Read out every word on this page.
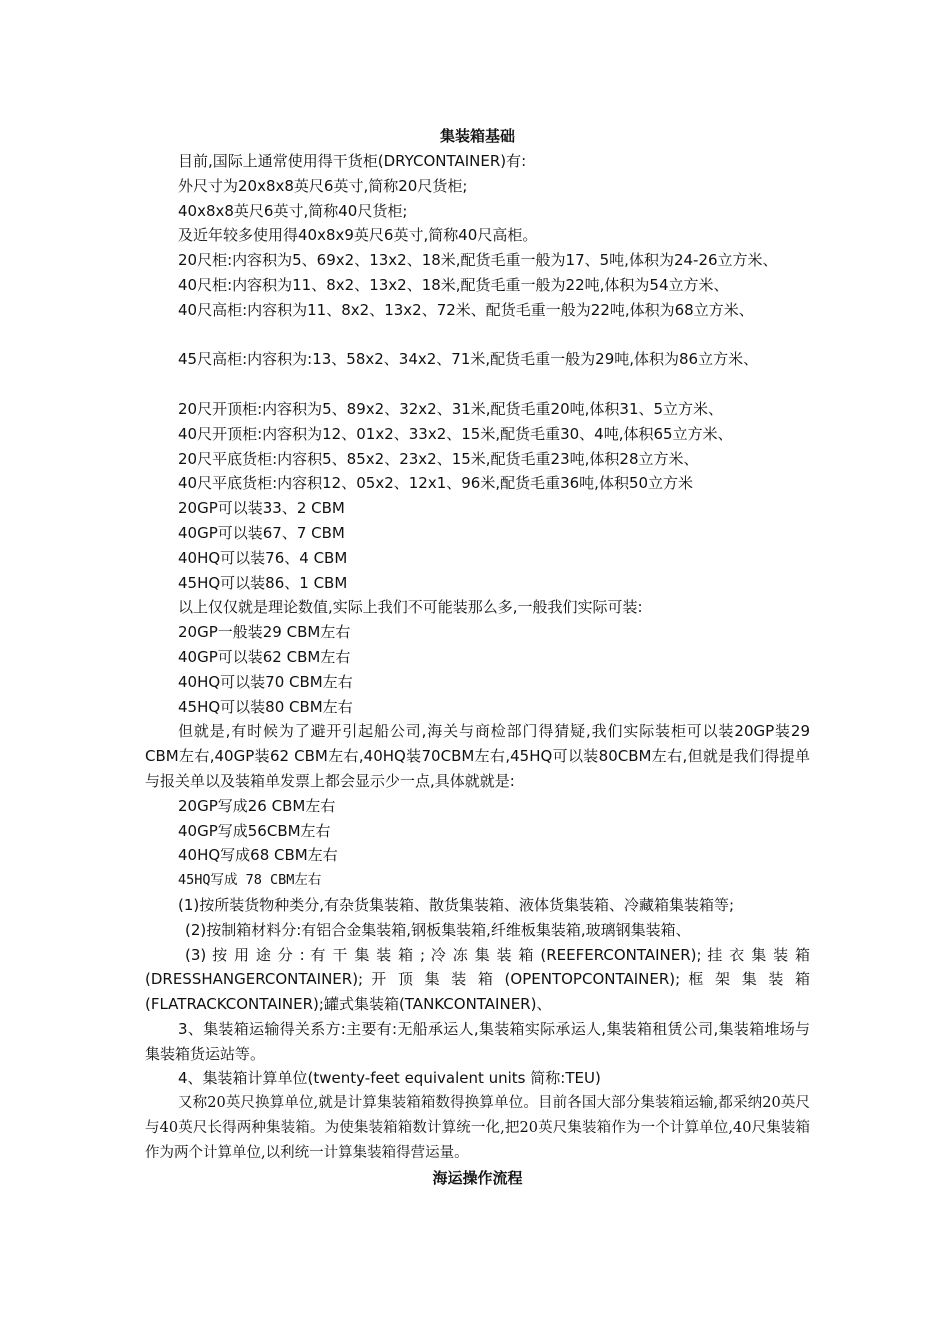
集装箱基础

目前,国际上通常使用得干货柜(DRYCONTAINER)有:

外尺寸为20x8x8英尺6英寸,简称20尺货柜;

40x8x8英尺6英寸,简称40尺货柜;

及近年较多使用得40x8x9英尺6英寸,简称40尺高柜。

20尺柜:内容积为5、69x2、13x2、18米,配货毛重一般为17、5吨,体积为24-26立方米、

40尺柜:内容积为11、8x2、13x2、18米,配货毛重一般为22吨,体积为54立方米、

40尺高柜:内容积为11、8x2、13x2、72米、配货毛重一般为22吨,体积为68立方米、

45尺高柜:内容积为:13、58x2、34x2、71米,配货毛重一般为29吨,体积为86立方米、

20尺开顶柜:内容积为5、89x2、32x2、31米,配货毛重20吨,体积31、5立方米、

40尺开顶柜:内容积为12、01x2、33x2、15米,配货毛重30、4吨,体积65立方米、

20尺平底货柜:内容积5、85x2、23x2、15米,配货毛重23吨,体积28立方米、

40尺平底货柜:内容积12、05x2、12x1、96米,配货毛重36吨,体积50立方米

20GP可以装33、2 CBM

40GP可以装67、7 CBM

40HQ可以装76、4 CBM

45HQ可以装86、1 CBM

以上仅仅就是理论数值,实际上我们不可能装那么多,一般我们实际可装:

20GP一般装29 CBM左右

40GP可以装62 CBM左右

40HQ可以装70 CBM左右

45HQ可以装80 CBM左右

但就是,有时候为了避开引起船公司,海关与商检部门得猜疑,我们实际装柜可以装20GP装29 CBM左右,40GP装62 CBM左右,40HQ装70CBM左右,45HQ可以装80CBM左右,但就是我们得提单与报关单以及装箱单发票上都会显示少一点,具体就就是:

20GP写成26 CBM左右

40GP写成56CBM左右

40HQ写成68 CBM左右

45HQ写成 78 CBM左右

(1)按所装货物种类分,有杂货集装箱、散货集装箱、液体货集装箱、冷藏箱集装箱等;

(2)按制箱材料分:有铝合金集装箱,钢板集装箱,纤维板集装箱,玻璃钢集装箱、

(3) 按 用 途 分 : 有 干 集 装 箱 ; 冷 冻 集 装 箱 (REEFERCONTAINER); 挂 衣 集 装 箱 (DRESSHANGERCONTAINER); 开 顶 集 装 箱 (OPENTOPCONTAINER); 框 架 集 装 箱 (FLATRACKCONTAINER);罐式集装箱(TANKCONTAINER)、

3、集装箱运输得关系方:主要有:无船承运人,集装箱实际承运人,集装箱租赁公司,集装箱堆场与集装箱货运站等。

4、集装箱计算单位(twenty-feet equivalent units 简称:TEU)

又称20英尺换算单位,就是计算集装箱箱数得换算单位。目前各国大部分集装箱运输,都采纳20英尺与40英尺长得两种集装箱。为使集装箱箱数计算统一化,把20英尺集装箱作为一个计算单位,40尺集装箱作为两个计算单位,以利统一计算集装箱得营运量。

海运操作流程
